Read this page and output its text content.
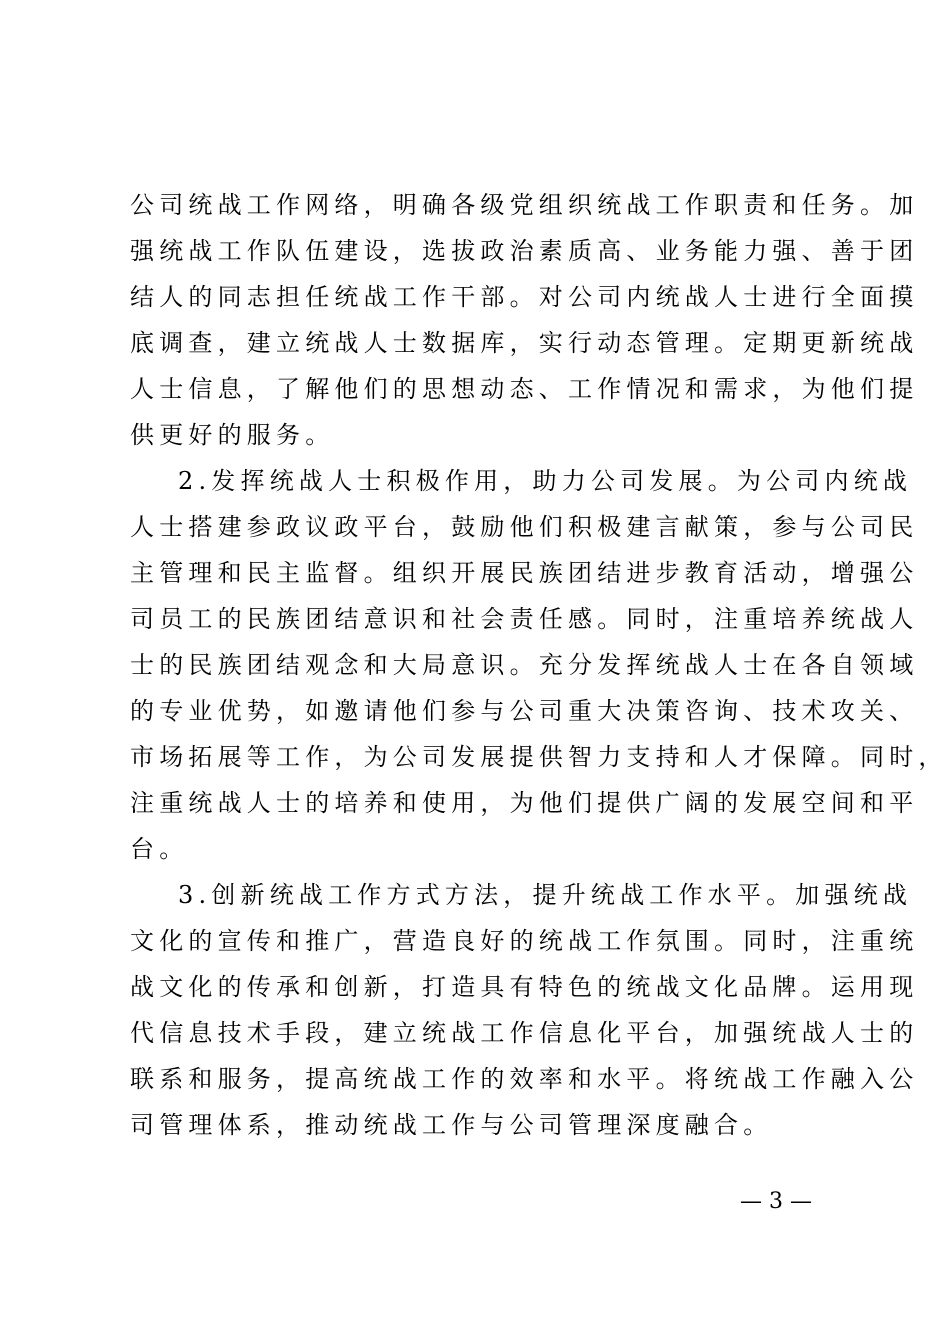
公司统战工作网络，明确各级党组织统战工作职责和任务。加
强统战工作队伍建设，选拔政治素质高、业务能力强、善于团
结人的同志担任统战工作干部。对公司内统战人士进行全面摸
底调查，建立统战人士数据库，实行动态管理。定期更新统战
人士信息，了解他们的思想动态、工作情况和需求，为他们提
供更好的服务。
2.发挥统战人士积极作用，助力公司发展。为公司内统战
人士搭建参政议政平台，鼓励他们积极建言献策，参与公司民
主管理和民主监督。组织开展民族团结进步教育活动，增强公
司员工的民族团结意识和社会责任感。同时，注重培养统战人
士的民族团结观念和大局意识。充分发挥统战人士在各自领域
的专业优势，如邀请他们参与公司重大决策咨询、技术攻关、
市场拓展等工作，为公司发展提供智力支持和人才保障。同时，
注重统战人士的培养和使用，为他们提供广阔的发展空间和平
台。
3.创新统战工作方式方法，提升统战工作水平。加强统战
文化的宣传和推广，营造良好的统战工作氛围。同时，注重统
战文化的传承和创新，打造具有特色的统战文化品牌。运用现
代信息技术手段，建立统战工作信息化平台，加强统战人士的
联系和服务，提高统战工作的效率和水平。将统战工作融入公
司管理体系，推动统战工作与公司管理深度融合。
— 3 —
